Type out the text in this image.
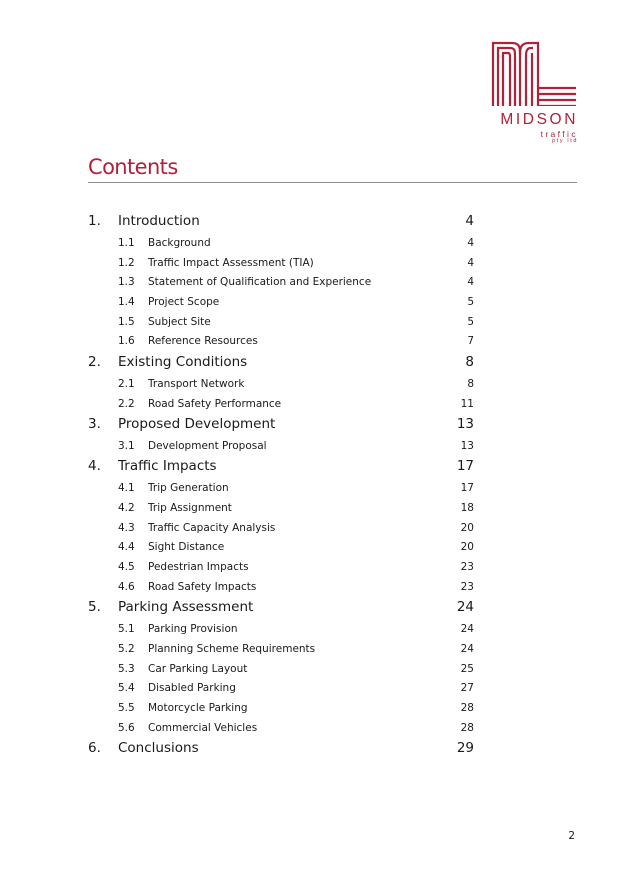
MIDSON
traffic
pty ltd
Contents
1. Introduction	4
1.1 Background	4
1.2 Traffic Impact Assessment (TIA)	4
1.3 Statement of Qualification and Experience	4
1.4 Project Scope	5
1.5 Subject Site	5
1.6 Reference Resources	7
2. Existing Conditions	8
2.1 Transport Network	8
2.2 Road Safety Performance	11
3. Proposed Development	13
3.1 Development Proposal	13
4. Traffic Impacts	17
4.1 Trip Generation	17
4.2 Trip Assignment	18
4.3 Traffic Capacity Analysis	20
4.4 Sight Distance	20
4.5 Pedestrian Impacts	23
4.6 Road Safety Impacts	23
5. Parking Assessment	24
5.1 Parking Provision	24
5.2 Planning Scheme Requirements	24
5.3 Car Parking Layout	25
5.4 Disabled Parking	27
5.5 Motorcycle Parking	28
5.6 Commercial Vehicles	28
6. Conclusions	29
2
